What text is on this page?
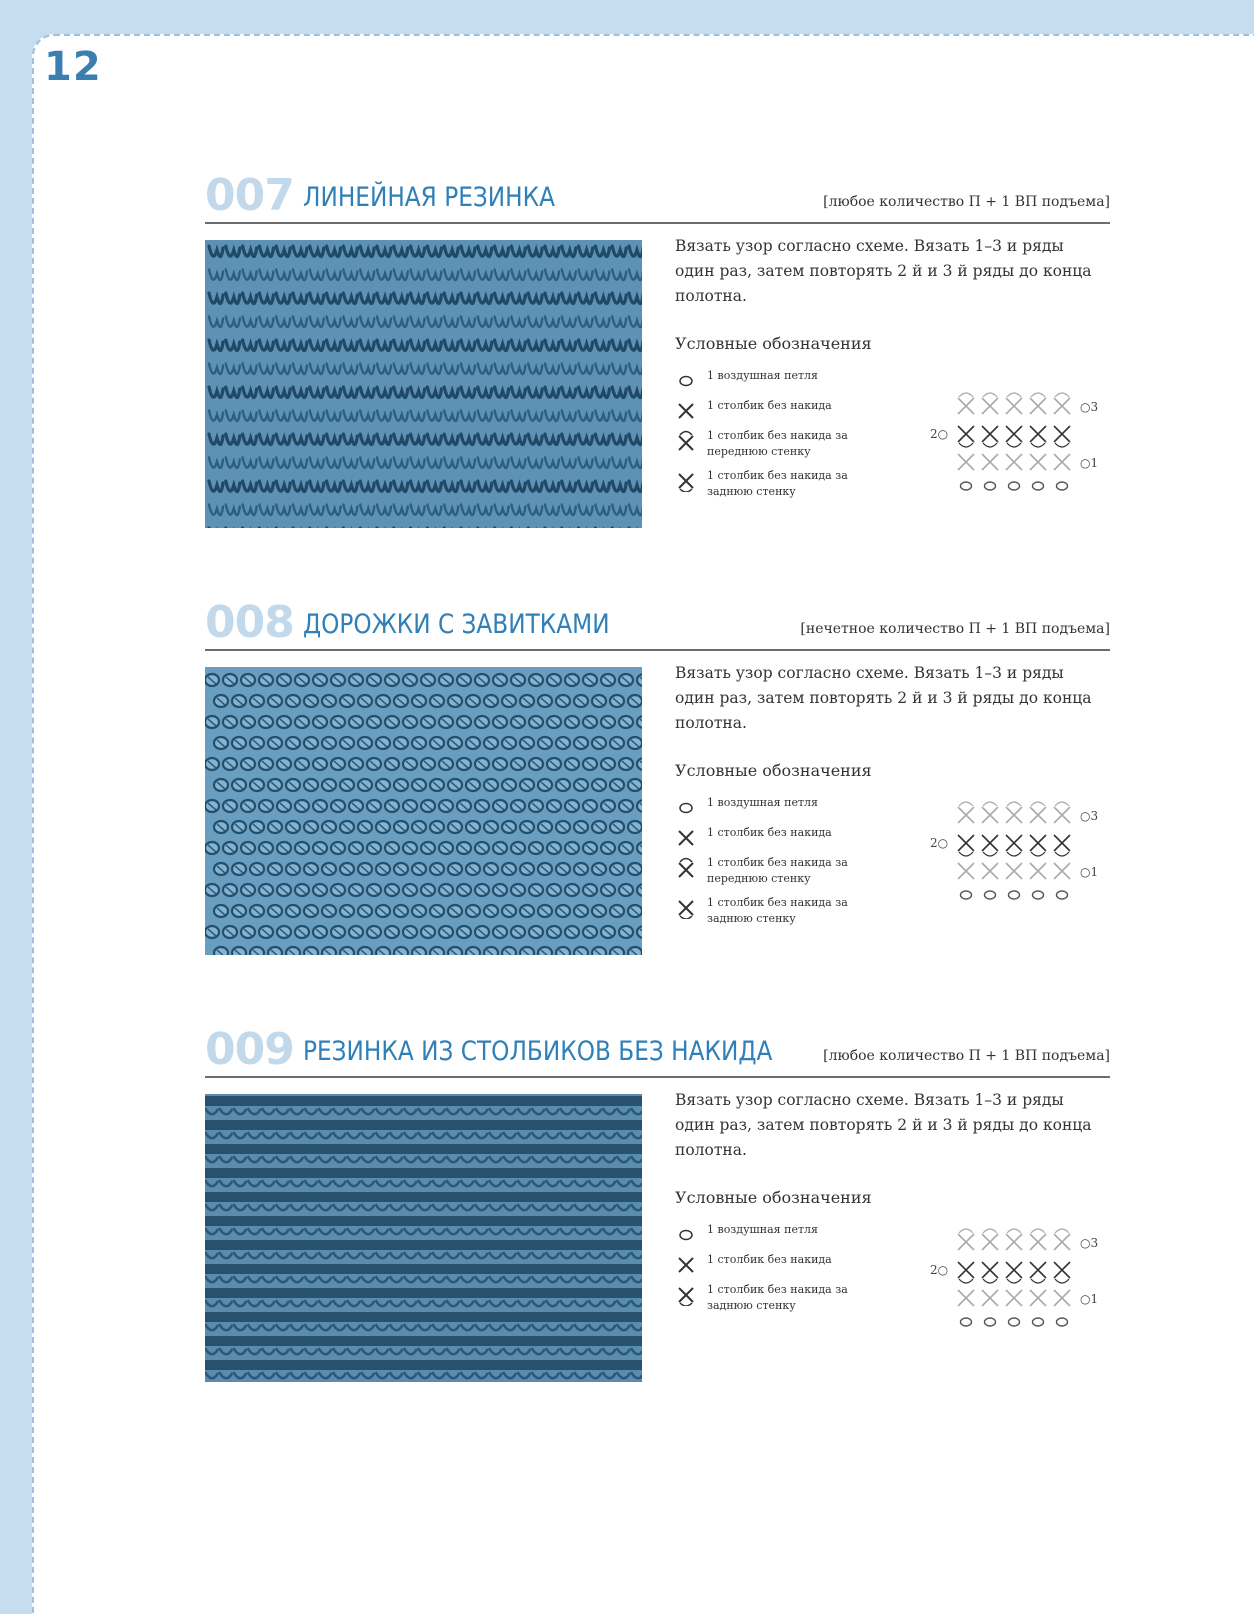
12
007 ЛИНЕЙНАЯ РЕЗИНКА	[любое количество П + 1 ВП подъема]
Вязать узор согласно схеме. Вязать 1–3 и ряды один раз, затем повторять 2 й и 3 й ряды до конца полотна.
Условные обозначения
1 воздушная петля
1 столбик без накида
1 столбик без накида за переднюю стенку
1 столбик без накида за заднюю стенку
○3
2○
○1
008 ДОРОЖКИ С ЗАВИТКАМИ	[нечетное количество П + 1 ВП подъема]
Вязать узор согласно схеме. Вязать 1–3 и ряды один раз, затем повторять 2 й и 3 й ряды до конца полотна.
Условные обозначения
1 воздушная петля
1 столбик без накида
1 столбик без накида за переднюю стенку
1 столбик без накида за заднюю стенку
○3
2○
○1
009 РЕЗИНКА ИЗ СТОЛБИКОВ БЕЗ НАКИДА	[любое количество П + 1 ВП подъема]
Вязать узор согласно схеме. Вязать 1–3 и ряды один раз, затем повторять 2 й и 3 й ряды до конца полотна.
Условные обозначения
1 воздушная петля
1 столбик без накида
1 столбик без накида за заднюю стенку
○3
2○
○1
